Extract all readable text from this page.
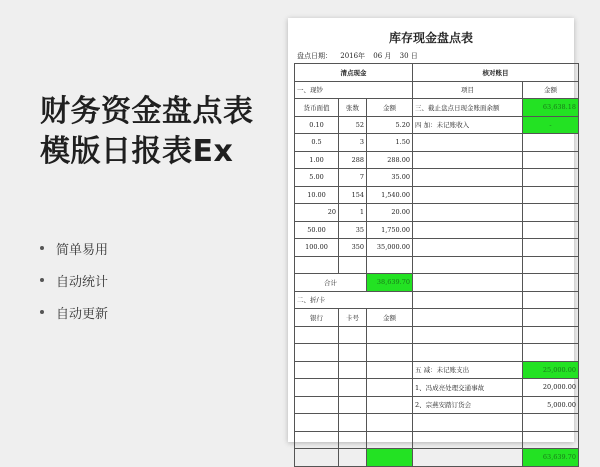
财务资金盘点表
模版日报表Ex
简单易用
自动统计
自动更新
库存现金盘点表
盘点日期： 2016年 06 月 30 日
清点现金			核对账目	
一、现钞			项目	金额
货币面值	张数	金额	三、截止盘点日现金账面余额	63,638.18
0.10	52	5.20	四 加：未记账收入	-
0.5	3	1.50		
1.00	288	288.00		
5.00	7	35.00		
10.00	154	1,540.00		
20	1	20.00		
50.00	35	1,750.00		
100.00	350	35,000.00		

合计		38,639.70		
二、折/卡				
银行	卡号	金额		

			五 减：未记账支出	25,000.00
			1、冯成亮处理交通事故	20,000.00
			2、宗燕安踏订货会	5,000.00

				63,639.70
